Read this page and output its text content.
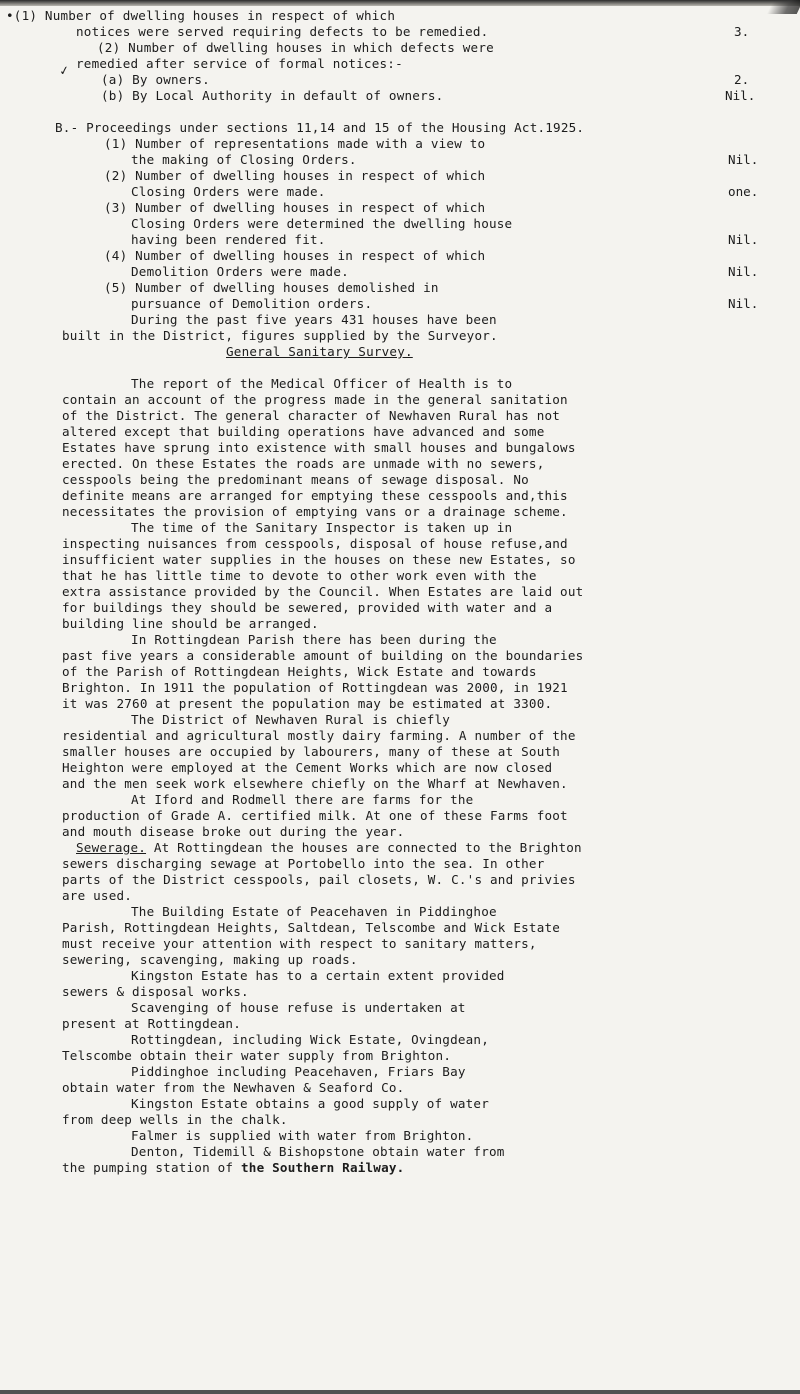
✓
•(1) Number of dwelling houses in respect of which
notices were served requiring defects to be remedied.	3.
(2) Number of dwelling houses in which defects were
remedied after service of formal notices:-
(a) By owners.	2.
(b) By Local Authority in default of owners.	Nil.
B.- Proceedings under sections 11,14 and 15 of the Housing Act.1925.
(1) Number of representations made with a view to
the making of Closing Orders.	Nil.
(2) Number of dwelling houses in respect of which
Closing Orders were made.	one.
(3) Number of dwelling houses in respect of which
Closing Orders were determined the dwelling house
having been rendered fit.	Nil.
(4) Number of dwelling houses in respect of which
Demolition Orders were made.	Nil.
(5) Number of dwelling houses demolished in
pursuance of Demolition orders.	Nil.
During the past five years 431 houses have been
built in the District, figures supplied by the Surveyor.
General Sanitary Survey.
The report of the Medical Officer of Health is to
contain an account of the progress made in the general sanitation
of the District. The general character of Newhaven Rural has not
altered except that building operations have advanced and some
Estates have sprung into existence with small houses and bungalows
erected. On these Estates the roads are unmade with no sewers,
cesspools being the predominant means of sewage disposal. No
definite means are arranged for emptying these cesspools and,this
necessitates the provision of emptying vans or a drainage scheme.
The time of the Sanitary Inspector is taken up in
inspecting nuisances from cesspools, disposal of house refuse,and
insufficient water supplies in the houses on these new Estates, so
that he has little time to devote to other work even with the
extra assistance provided by the Council. When Estates are laid out
for buildings they should be sewered, provided with water and a
building line should be arranged.
In Rottingdean Parish there has been during the
past five years a considerable amount of building on the boundaries
of the Parish of Rottingdean Heights, Wick Estate and towards
Brighton. In 1911 the population of Rottingdean was 2000, in 1921
it was 2760 at present the population may be estimated at 3300.
The District of Newhaven Rural is chiefly
residential and agricultural mostly dairy farming. A number of the
smaller houses are occupied by labourers, many of these at South
Heighton were employed at the Cement Works which are now closed
and the men seek work elsewhere chiefly on the Wharf at Newhaven.
At Iford and Rodmell there are farms for the
production of Grade A. certified milk. At one of these Farms foot
and mouth disease broke out during the year.
Sewerage. At Rottingdean the houses are connected to the Brighton
sewers discharging sewage at Portobello into the sea. In other
parts of the District cesspools, pail closets, W. C.'s and privies
are used.
The Building Estate of Peacehaven in Piddinghoe
Parish, Rottingdean Heights, Saltdean, Telscombe and Wick Estate
must receive your attention with respect to sanitary matters,
sewering, scavenging, making up roads.
Kingston Estate has to a certain extent provided
sewers & disposal works.
Scavenging of house refuse is undertaken at
present at Rottingdean.
Rottingdean, including Wick Estate, Ovingdean,
Telscombe obtain their water supply from Brighton.
Piddinghoe including Peacehaven, Friars Bay
obtain water from the Newhaven & Seaford Co.
Kingston Estate obtains a good supply of water
from deep wells in the chalk.
Falmer is supplied with water from Brighton.
Denton, Tidemill & Bishopstone obtain water from
the pumping station of the Southern Railway.
